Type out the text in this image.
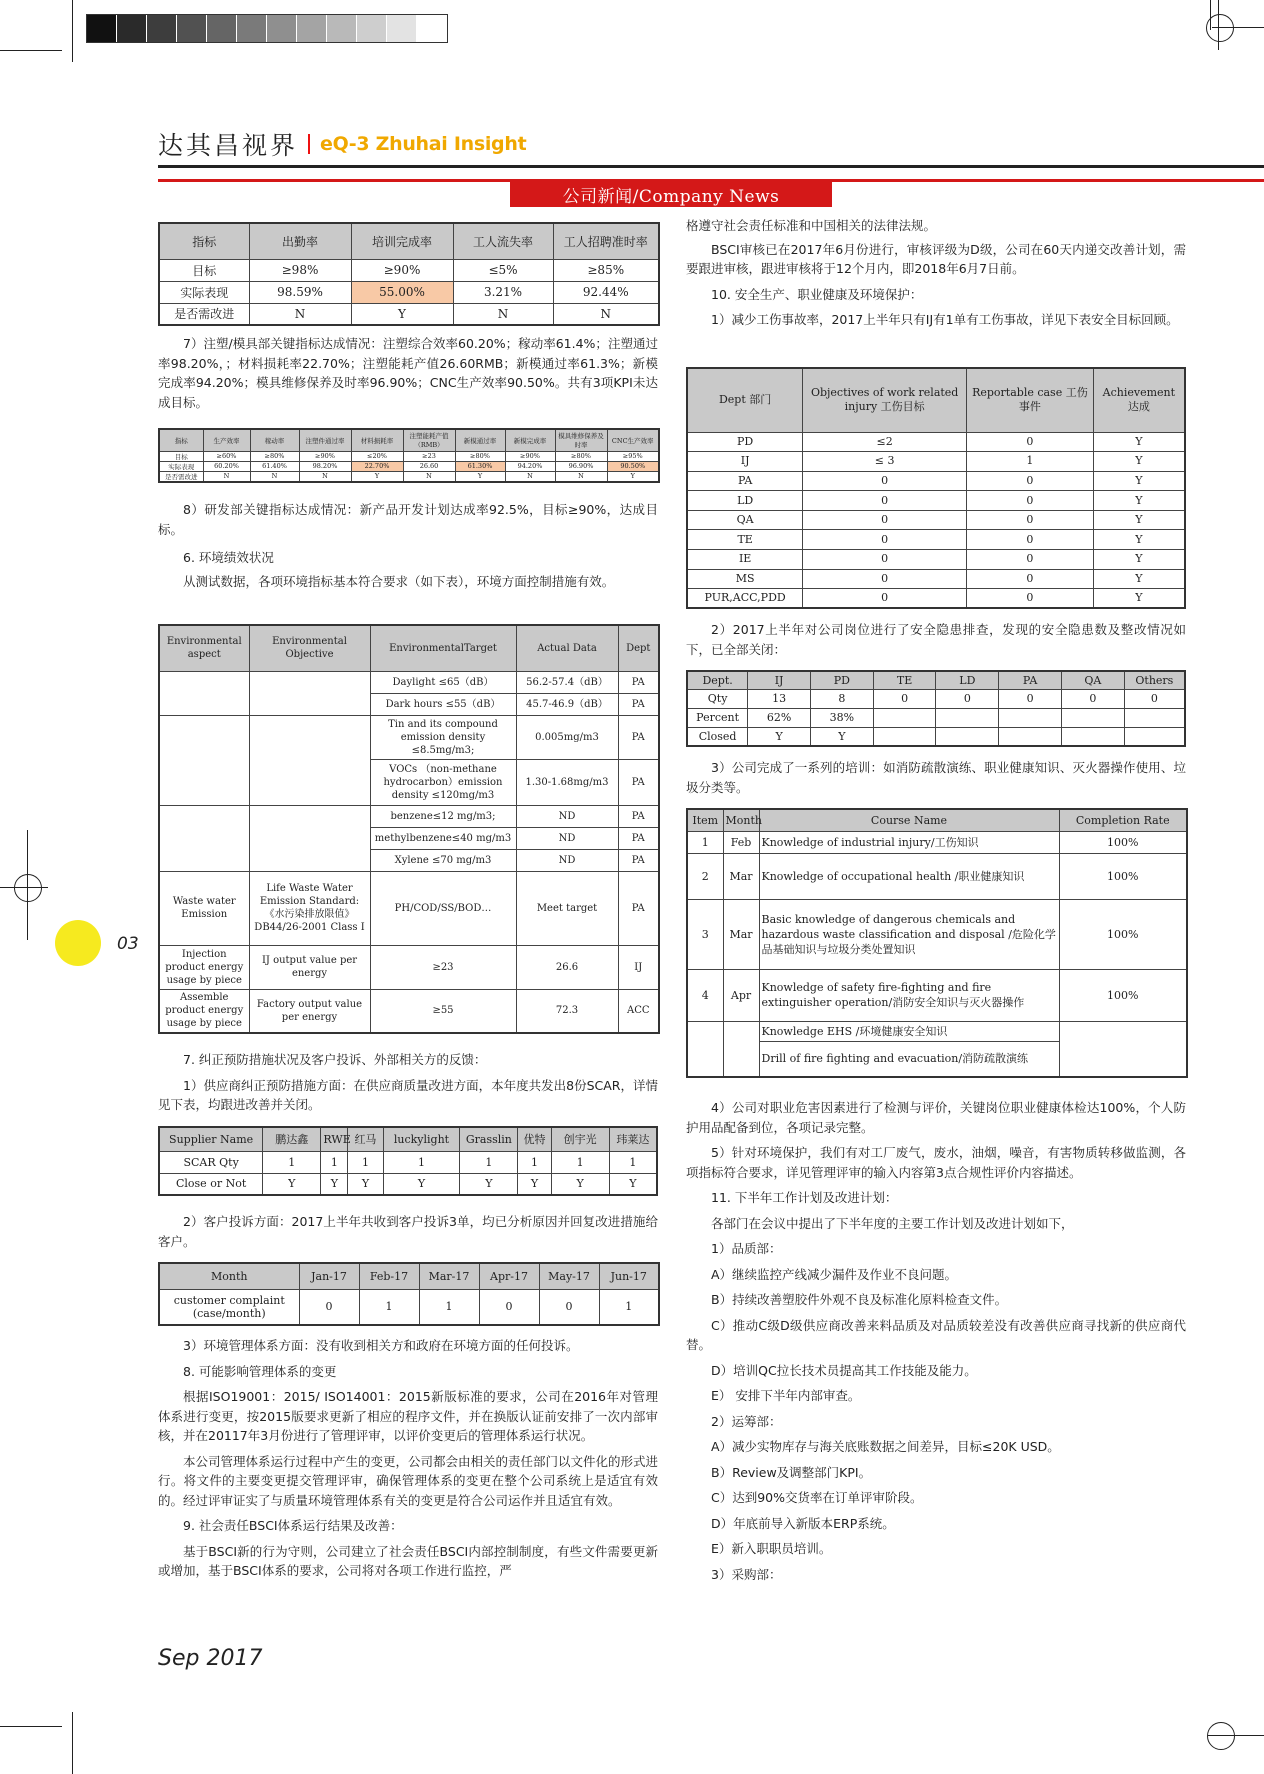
达其昌视界 eQ-3 Zhuhai Insight
公司新闻/Company News
指标	出勤率	培训完成率	工人流失率	工人招聘准时率
目标	≥98%	≥90%	≤5%	≥85%
实际表现	98.59%	55.00%	3.21%	92.44%
是否需改进	N	Y	N	N

7）注塑/模具部关键指标达成情况：注塑综合效率60.20%；稼动率61.4%；注塑通过率98.20%，；材料损耗率22.70%；注塑能耗产值26.60RMB；新模通过率61.3%；新模完成率94.20%；模具维修保养及时率96.90%；CNC生产效率90.50%。共有3项KPI未达成目标。

指标	生产效率	稼动率	注塑件通过率	材料损耗率	注塑能耗产值（RMB）	新模通过率	新模完成率	模具维修保养及时率	CNC生产效率
目标	≥60%	≥80%	≥90%	≤20%	≥23	≥80%	≥90%	≥80%	≥95%
实际表现	60.20%	61.40%	98.20%	22.70%	26.60	61.30%	94.20%	96.90%	90.50%
是否需改进	N	N	N	Y	N	Y	N	N	Y

8）研发部关键指标达成情况：新产品开发计划达成率92.5%，目标≥90%，达成目标。

6. 环境绩效状况

从测试数据，各项环境指标基本符合要求（如下表），环境方面控制措施有效。

Environmental aspect	Environmental Objective	EnvironmentalTarget	Actual Data	Dept
		Daylight ≤65（dB）	56.2-57.4（dB）	PA
		Dark hours ≤55（dB）	45.7-46.9（dB）	PA
		Tin and its compound emission density ≤8.5mg/m3;	0.005mg/m3	PA
		VOCs （non-methane hydrocarbon）emission density ≤120mg/m3	1.30-1.68mg/m3	PA
		benzene≤12 mg/m3;	ND	PA
		methylbenzene≤40 mg/m3	ND	PA
		Xylene ≤70 mg/m3	ND	PA
Waste water Emission	Life Waste Water Emission Standard:《水污染排放限值》DB44/26-2001 Class I	PH/COD/SS/BOD…	Meet target	PA
Injection product energy usage by piece	IJ output value per energy	≥23	26.6	IJ
Assemble product energy usage by piece	Factory output value per energy	≥55	72.3	ACC

7. 纠正预防措施状况及客户投诉、外部相关方的反馈：

1）供应商纠正预防措施方面：在供应商质量改进方面，本年度共发出8份SCAR，详情见下表，均跟进改善并关闭。

Supplier Name	鹏达鑫	RWE	红马	luckylight	Grasslin	优特	创宇光	玮莱达
SCAR Qty	1	1	1	1	1	1	1	1
Close or Not	Y	Y	Y	Y	Y	Y	Y	Y

2）客户投诉方面：2017上半年共收到客户投诉3单，均已分析原因并回复改进措施给客户。

Month	Jan-17	Feb-17	Mar-17	Apr-17	May-17	Jun-17
customer complaint (case/month)	0	1	1	0	0	1

3）环境管理体系方面：没有收到相关方和政府在环境方面的任何投诉。

8. 可能影响管理体系的变更

根据ISO19001：2015/ ISO14001：2015新版标准的要求，公司在2016年对管理体系进行变更，按2015版要求更新了相应的程序文件，并在换版认证前安排了一次内部审核，并在20117年3月份进行了管理评审，以评价变更后的管理体系运行状况。

本公司管理体系运行过程中产生的变更，公司都会由相关的责任部门以文件化的形式进行。将文件的主要变更提交管理评审，确保管理体系的变更在整个公司系统上是适宜有效的。经过评审证实了与质量环境管理体系有关的变更是符合公司运作并且适宜有效。

9. 社会责任BSCI体系运行结果及改善：

基于BSCI新的行为守则，公司建立了社会责任BSCI内部控制制度，有些文件需要更新或增加，基于BSCI体系的要求，公司将对各项工作进行监控，严

格遵守社会责任标准和中国相关的法律法规。

BSCI审核已在2017年6月份进行，审核评级为D级，公司在60天内递交改善计划，需要跟进审核，跟进审核将于12个月内，即2018年6月7日前。

10. 安全生产、职业健康及环境保护：

1）减少工伤事故率，2017上半年只有IJ有1单有工伤事故，详见下表安全目标回顾。

Dept 部门	Objectives of work related injury 工伤目标	Reportable case 工伤事件	Achievement 达成
PD	≤2	0	Y
IJ	≤ 3	1	Y
PA	0	0	Y
LD	0	0	Y
QA	0	0	Y
TE	0	0	Y
IE	0	0	Y
MS	0	0	Y
PUR,ACC,PDD	0	0	Y

2）2017上半年对公司岗位进行了安全隐患排查，发现的安全隐患数及整改情况如下，已全部关闭：

Dept.	IJ	PD	TE	LD	PA	QA	Others
Qty	13	8	0	0	0	0	0
Percent	62%	38%					
Closed	Y	Y					

3）公司完成了一系列的培训：如消防疏散演练、职业健康知识、灭火器操作使用、垃圾分类等。

Item	Month	Course Name	Completion Rate
1	Feb	Knowledge of industrial injury/工伤知识	100%
2	Mar	Knowledge of occupational health /职业健康知识	100%
3	Mar	Basic knowledge of dangerous chemicals and hazardous waste classification and disposal /危险化学品基础知识与垃圾分类处置知识	100%
4	Apr	Knowledge of safety fire-fighting and fire extinguisher operation/消防安全知识与灭火器操作	100%
		Knowledge EHS /环境健康安全知识	
		Drill of fire fighting and evacuation/消防疏散演练	

4）公司对职业危害因素进行了检测与评价，关键岗位职业健康体检达100%，个人防护用品配备到位，各项记录完整。

5）针对环境保护，我们有对工厂废气，废水，油烟，噪音，有害物质转移做监测，各项指标符合要求，详见管理评审的输入内容第3点合规性评价内容描述。

11. 下半年工作计划及改进计划：

各部门在会议中提出了下半年度的主要工作计划及改进计划如下，

1）品质部：

A）继续监控产线减少漏件及作业不良问题。

B）持续改善塑胶件外观不良及标准化原料检查文件。

C）推动C级D级供应商改善来料品质及对品质较差没有改善供应商寻找新的供应商代替。

D）培训QC拉长技术员提高其工作技能及能力。

E） 安排下半年内部审查。

2）运筹部：

A）减少实物库存与海关底账数据之间差异，目标≤20K USD。

B）Review及调整部门KPI。

C）达到90%交货率在订单评审阶段。

D）年底前导入新版本ERP系统。

E）新入职职员培训。

3）采购部：

03
Sep 2017
